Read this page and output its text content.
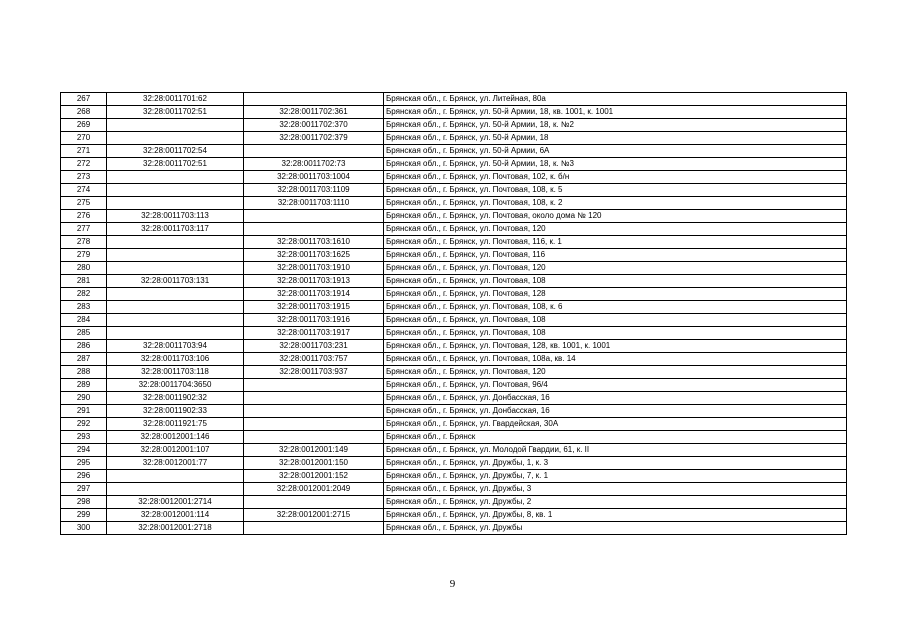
267	32:28:0011701:62		Брянская обл., г. Брянск, ул. Литейная, 80а
268	32:28:0011702:51	32:28:0011702:361	Брянская обл., г. Брянск, ул. 50-й Армии, 18, кв. 1001, к. 1001
269		32:28:0011702:370	Брянская обл., г. Брянск, ул. 50-й Армии, 18, к. №2
270		32:28:0011702:379	Брянская обл., г. Брянск, ул. 50-й Армии, 18
271	32:28:0011702:54		Брянская обл., г. Брянск, ул. 50-й Армии, 6А
272	32:28:0011702:51	32:28:0011702:73	Брянская обл., г. Брянск, ул. 50-й Армии, 18, к. №3
273		32:28:0011703:1004	Брянская обл., г. Брянск, ул. Почтовая, 102, к. б/н
274		32:28:0011703:1109	Брянская обл., г. Брянск, ул. Почтовая, 108, к. 5
275		32:28:0011703:1110	Брянская обл., г. Брянск, ул. Почтовая, 108, к. 2
276	32:28:0011703:113		Брянская обл., г. Брянск, ул. Почтовая, около дома № 120
277	32:28:0011703:117		Брянская обл., г. Брянск, ул. Почтовая, 120
278		32:28:0011703:1610	Брянская обл., г. Брянск, ул. Почтовая, 116, к. 1
279		32:28:0011703:1625	Брянская обл., г. Брянск, ул. Почтовая, 116
280		32:28:0011703:1910	Брянская обл., г. Брянск, ул. Почтовая, 120
281	32:28:0011703:131	32:28:0011703:1913	Брянская обл., г. Брянск, ул. Почтовая, 108
282		32:28:0011703:1914	Брянская обл., г. Брянск, ул. Почтовая, 128
283		32:28:0011703:1915	Брянская обл., г. Брянск, ул. Почтовая, 108, к. 6
284		32:28:0011703:1916	Брянская обл., г. Брянск, ул. Почтовая, 108
285		32:28:0011703:1917	Брянская обл., г. Брянск, ул. Почтовая, 108
286	32:28:0011703:94	32:28:0011703:231	Брянская обл., г. Брянск, ул. Почтовая, 128, кв. 1001, к. 1001
287	32:28:0011703:106	32:28:0011703:757	Брянская обл., г. Брянск, ул. Почтовая, 108а, кв. 14
288	32:28:0011703:118	32:28:0011703:937	Брянская обл., г. Брянск, ул. Почтовая, 120
289	32:28:0011704:3650		Брянская обл., г. Брянск, ул. Почтовая, 96/4
290	32:28:0011902:32		Брянская обл., г. Брянск, ул. Донбасская, 16
291	32:28:0011902:33		Брянская обл., г. Брянск, ул. Донбасская, 16
292	32:28:0011921:75		Брянская обл., г. Брянск, ул. Гвардейская, 30А
293	32:28:0012001:146		Брянская обл., г. Брянск
294	32:28:0012001:107	32:28:0012001:149	Брянская обл., г. Брянск, ул. Молодой Гвардии, 61, к. II
295	32:28:0012001:77	32:28:0012001:150	Брянская обл., г. Брянск, ул. Дружбы, 1, к. 3
296		32:28:0012001:152	Брянская обл., г. Брянск, ул. Дружбы, 7, к. 1
297		32:28:0012001:2049	Брянская обл., г. Брянск, ул. Дружбы, 3
298	32:28:0012001:2714		Брянская обл., г. Брянск, ул. Дружбы, 2
299	32:28:0012001:114	32:28:0012001:2715	Брянская обл., г. Брянск, ул. Дружбы, 8, кв. 1
300	32:28:0012001:2718		Брянская обл., г. Брянск, ул. Дружбы
9
